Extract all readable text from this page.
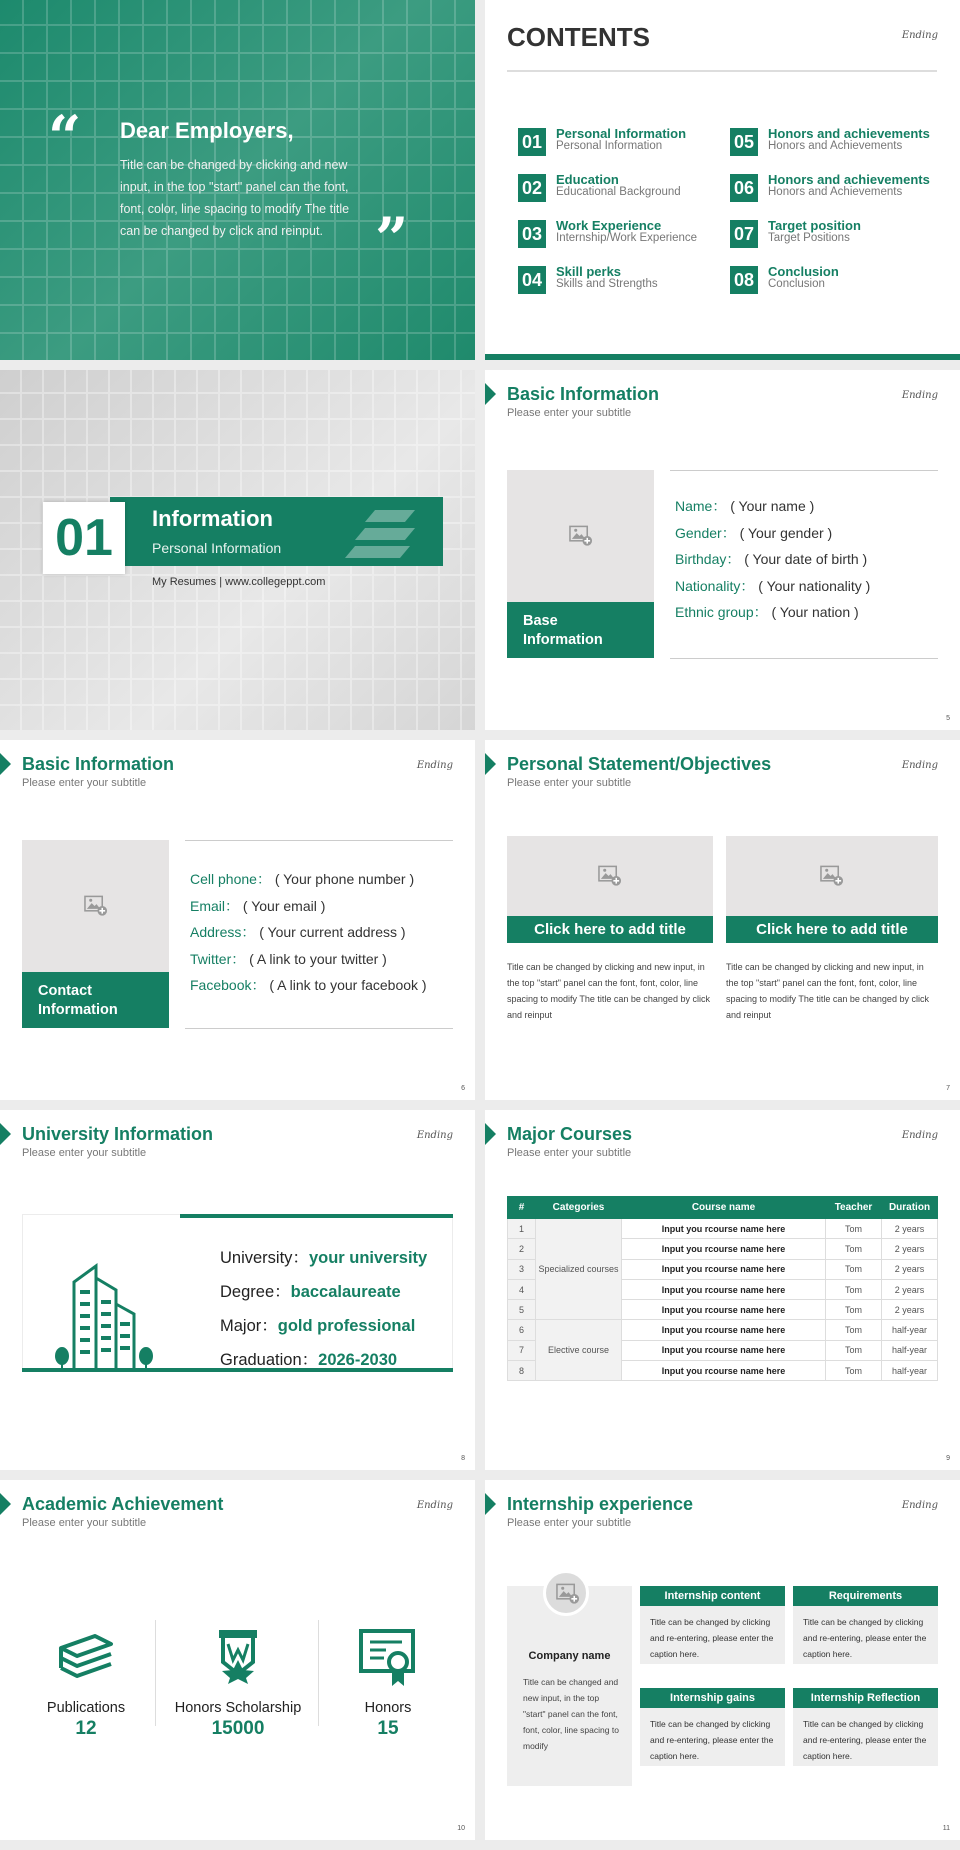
“ Dear Employers,
Title can be changed by clicking and new input, in the top "start" panel can the font, font, color, line spacing to modify The title can be changed by click and reinput. ”
CONTENTS	Ending
01	Personal Information
Personal Information
02	Education
Educational Background
03	Work Experience
Internship/Work Experience
04	Skill perks
Skills and Strengths
05	Honors and achievements
Honors and Achievements
06	Honors and achievements
Honors and Achievements
07	Target position
Target Positions
08	Conclusion
Conclusion
01	Information
Personal Information
My Resumes | www.collegeppt.com
Basic Information
Please enter your subtitle
Ending
Base Information
Name： ( Your name )
Gender： ( Your gender )
Birthday： ( Your date of birth )
Nationality： ( Your nationality )
Ethnic group： ( Your nation )
5
Basic Information
Please enter your subtitle
Ending
Contact Information
Cell phone： ( Your phone number )
Email： ( Your email )
Address： ( Your current address )
Twitter： ( A link to your twitter )
Facebook： ( A link to your facebook )
6
Personal Statement/Objectives
Please enter your subtitle
Ending
Click here to add title
Title can be changed by clicking and new input, in the top "start" panel can the font, font, color, line spacing to modify The title can be changed by click and reinput
Click here to add title
Title can be changed by clicking and new input, in the top "start" panel can the font, font, color, line spacing to modify The title can be changed by click and reinput
7
University Information
Please enter your subtitle
Ending
University：your university
Degree：baccalaureate
Major：gold professional
Graduation：2026-2030
8
Major Courses
Please enter your subtitle
Ending
#	Categories	Course name	Teacher	Duration
1	Specialized courses	Input you rcourse name here	Tom	2 years
2		Input you rcourse name here	Tom	2 years
3		Input you rcourse name here	Tom	2 years
4		Input you rcourse name here	Tom	2 years
5		Input you rcourse name here	Tom	2 years
6	Elective course	Input you rcourse name here	Tom	half-year
7		Input you rcourse name here	Tom	half-year
8		Input you rcourse name here	Tom	half-year
9
Academic Achievement
Please enter your subtitle
Ending
Publications
12
Honors Scholarship
15000
Honors
15
10
Internship experience
Please enter your subtitle
Ending
Company name
Title can be changed and new input, in the top "start" panel can the font, font, color, line spacing to modify
Internship content
Title can be changed by clicking and re-entering, please enter the caption here.
Requirements
Title can be changed by clicking and re-entering, please enter the caption here.
Internship gains
Title can be changed by clicking and re-entering, please enter the caption here.
Internship Reflection
Title can be changed by clicking and re-entering, please enter the caption here.
11
